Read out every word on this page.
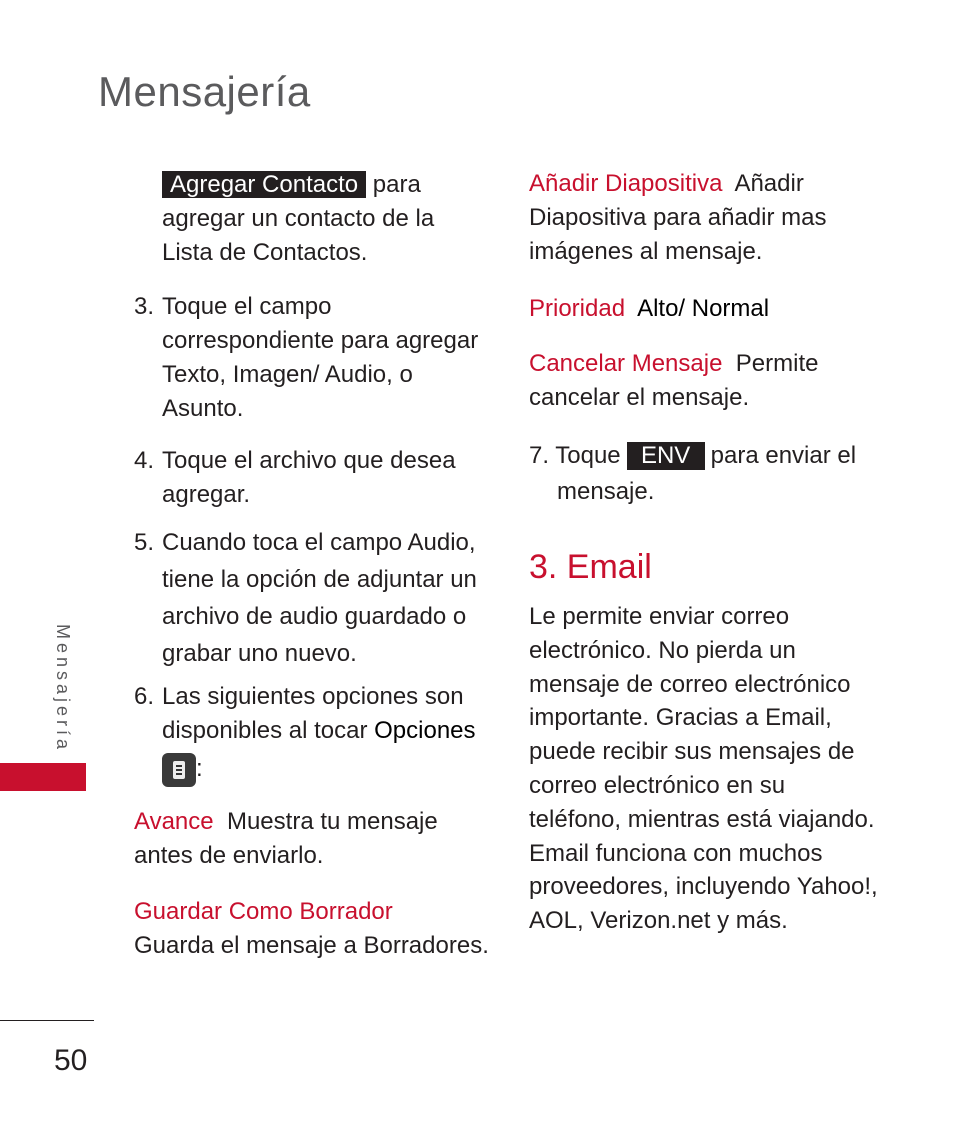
Mensajería
Agregar Contacto para
agregar un contacto de la
Lista de Contactos.
3. Toque el campo
correspondiente para agregar
Texto, Imagen/ Audio, o
Asunto.
4. Toque el archivo que desea
agregar.
5. Cuando toca el campo Audio,
tiene la opción de adjuntar un
archivo de audio guardado o
grabar uno nuevo.
6. Las siguientes opciones son
disponibles al tocar Opciones
:
Avance Muestra tu mensaje
antes de enviarlo.
Guardar Como Borrador
Guarda el mensaje a Borradores.
Añadir Diapositiva Añadir
Diapositiva para añadir mas
imágenes al mensaje.
Prioridad Alto/ Normal
Cancelar Mensaje Permite
cancelar el mensaje.
7. Toque ENV para enviar el
mensaje.
3. Email
Le permite enviar correo
electrónico. No pierda un
mensaje de correo electrónico
importante. Gracias a Email,
puede recibir sus mensajes de
correo electrónico en su
teléfono, mientras está viajando.
Email funciona con muchos
proveedores, incluyendo Yahoo!,
AOL, Verizon.net y más.
Mensajería
50
